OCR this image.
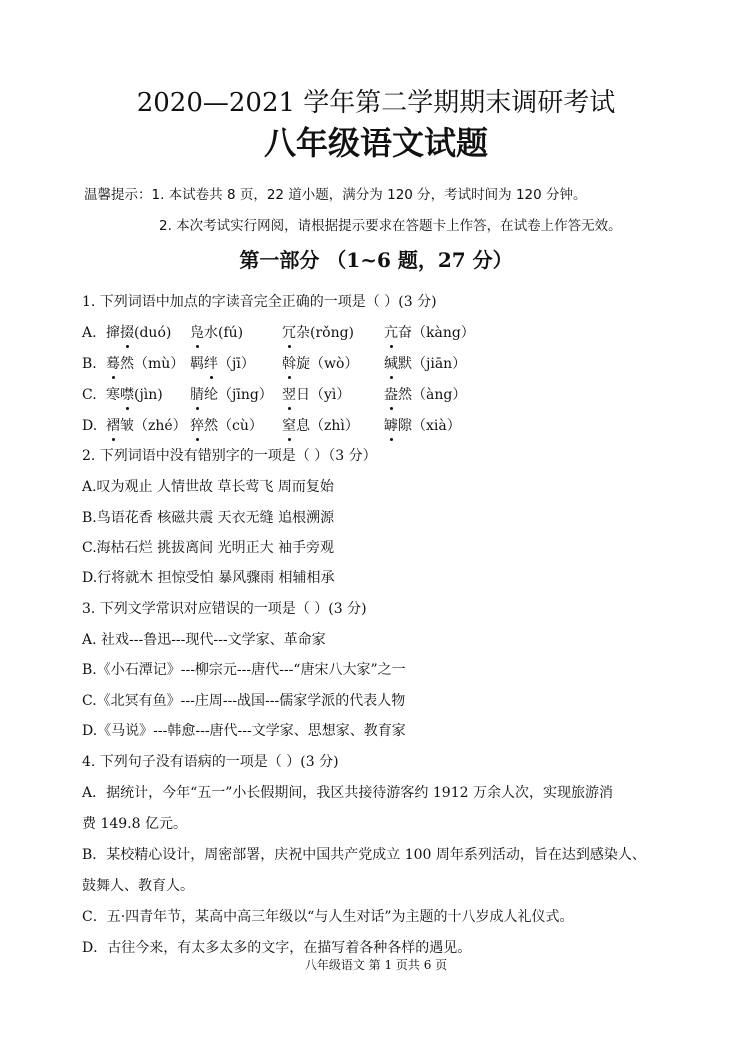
2020—2021 学年第二学期期末调研考试
八年级语文试题
温馨提示：1. 本试卷共 8 页，22 道小题，满分为 120 分，考试时间为 120 分钟。
2. 本次考试实行网阅，请根据提示要求在答题卡上作答，在试卷上作答无效。
第一部分 （1~6 题，27 分）
1. 下列词语中加点的字读音完全正确的一项是（ ）(3 分)
A. 撺掇(duó) 凫水(fú)	冗杂(rǒng) 亢奋（kàng）
B. 蓦然（mù） 羁绊（jī） 斡旋（wò） 缄默（jiān）
C. 寒噤(jìn) 腈纶（jīng） 翌日（yì） 盎然（àng）
D. 褶皱（zhé） 猝然（cù） 窒息（zhì） 罅隙（xià）
2. 下列词语中没有错别字的一项是（ ）（3 分）
A.叹为观止 人情世故 草长莺飞 周而复始
B.鸟语花香 核磁共震 天衣无缝 追根溯源
C.海枯石烂 挑拔离间 光明正大 袖手旁观
D.行将就木 担惊受怕 暴风骤雨 相辅相承
3. 下列文学常识对应错误的一项是（ ）(3 分)
A. 社戏---鲁迅---现代---文学家、革命家
B.《小石潭记》---柳宗元---唐代---“唐宋八大家”之一
C.《北冥有鱼》---庄周---战国---儒家学派的代表人物
D.《马说》---韩愈---唐代---文学家、思想家、教育家
4. 下列句子没有语病的一项是（ ）(3 分)
A．据统计，今年“五一”小长假期间，我区共接待游客约 1912 万余人次，实现旅游消
费 149.8 亿元。
B．某校精心设计，周密部署，庆祝中国共产党成立 100 周年系列活动，旨在达到感染人、
鼓舞人、教育人。
C．五·四青年节，某高中高三年级以“与人生对话”为主题的十八岁成人礼仪式。
D．古往今来，有太多太多的文字，在描写着各种各样的遇见。
八年级语文 第 1 页共 6 页
